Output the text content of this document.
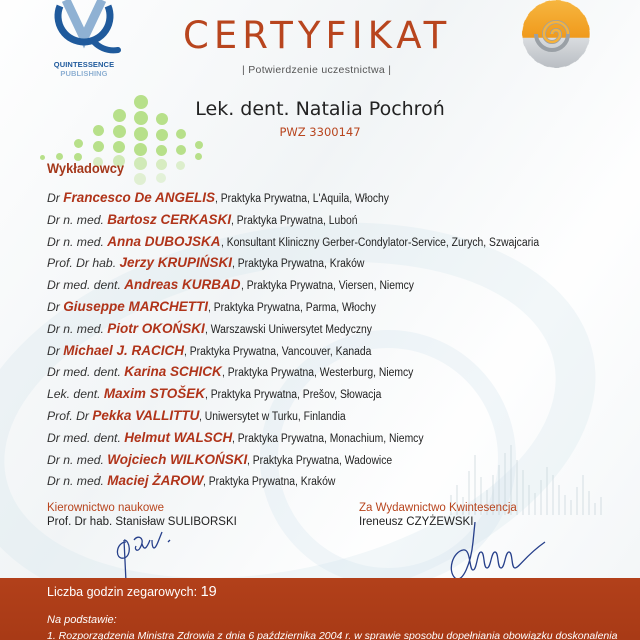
QUINTESSENCE
PUBLISHING
CERTYFIKAT
| Potwierdzenie uczestnictwa |
Lek. dent. Natalia Pochroń
PWZ 3300147
Wykładowcy
Dr Francesco De ANGELIS, Praktyka Prywatna, L'Aquila, Włochy
Dr n. med. Bartosz CERKASKI, Praktyka Prywatna, Luboń
Dr n. med. Anna DUBOJSKA, Konsultant Kliniczny Gerber-Condylator-Service, Zurych, Szwajcaria
Prof. Dr hab. Jerzy KRUPIŃSKI, Praktyka Prywatna, Kraków
Dr med. dent. Andreas KURBAD, Praktyka Prywatna, Viersen, Niemcy
Dr Giuseppe MARCHETTI, Praktyka Prywatna, Parma, Włochy
Dr n. med. Piotr OKOŃSKI, Warszawski Uniwersytet Medyczny
Dr Michael J. RACICH, Praktyka Prywatna, Vancouver, Kanada
Dr med. dent. Karina SCHICK, Praktyka Prywatna, Westerburg, Niemcy
Lek. dent. Maxim STOŠEK, Praktyka Prywatna, Prešov, Słowacja
Prof. Dr Pekka VALLITTU, Uniwersytet w Turku, Finlandia
Dr med. dent. Helmut WALSCH, Praktyka Prywatna, Monachium, Niemcy
Dr n. med. Wojciech WILKOŃSKI, Praktyka Prywatna, Wadowice
Dr n. med. Maciej ŻAROW, Praktyka Prywatna, Kraków
Kierownictwo naukowe
Prof. Dr hab. Stanisław SULIBORSKI
Za Wydawnictwo Kwintesencja
Ireneusz CZYŻEWSKI
Liczba godzin zegarowych: 19
Na podstawie:
1. Rozporządzenia Ministra Zdrowia z dnia 6 października 2004 r. w sprawie sposobu dopełniania obowiązku doskonalenia
